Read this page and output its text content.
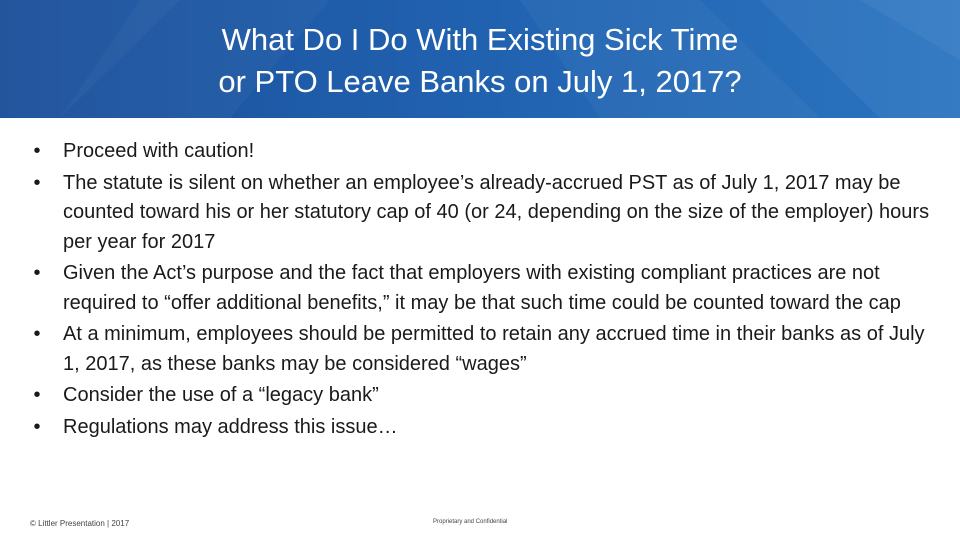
What Do I Do With Existing Sick Time
or PTO Leave Banks on July 1, 2017?
• Proceed with caution!
• The statute is silent on whether an employee’s already-accrued PST as of July 1, 2017 may be counted toward his or her statutory cap of 40 (or 24, depending on the size of the employer) hours per year for 2017
• Given the Act’s purpose and the fact that employers with existing compliant practices are not required to “offer additional benefits,” it may be that such time could be counted toward the cap
• At a minimum, employees should be permitted to retain any accrued time in their banks as of July 1, 2017, as these banks may be considered “wages”
• Consider the use of a “legacy bank”
• Regulations may address this issue…
© Littler Presentation | 2017	Proprietary and Confidential
